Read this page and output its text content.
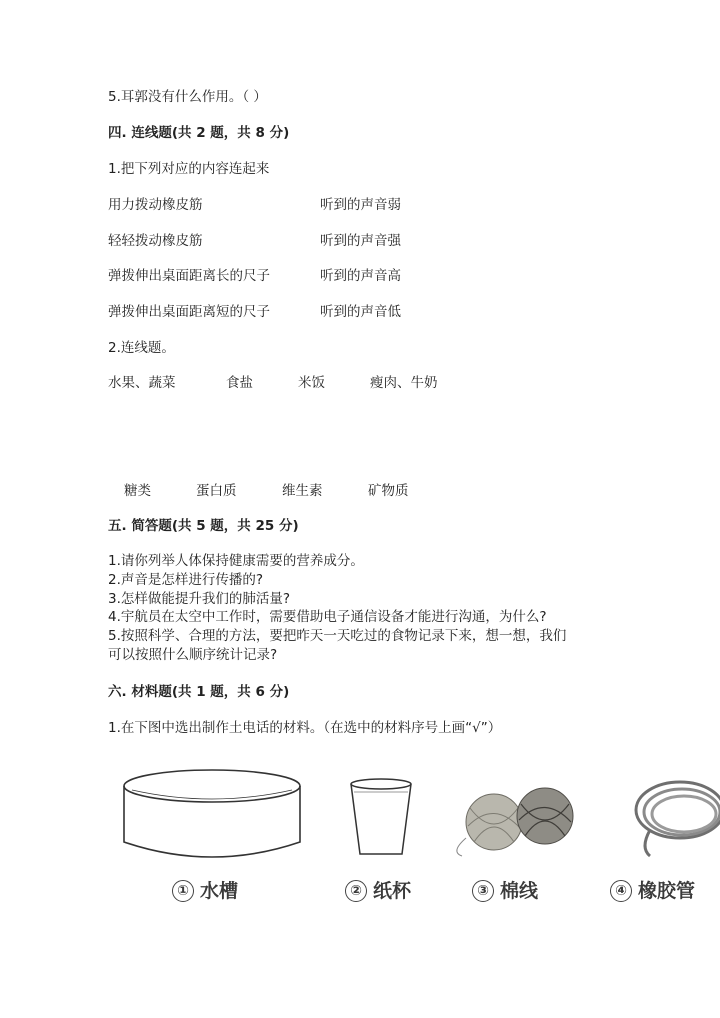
5.耳郭没有什么作用。（ ）
四. 连线题(共 2 题，共 8 分)
1.把下列对应的内容连起来
用力拨动橡皮筋	听到的声音弱
轻轻拨动橡皮筋	听到的声音强
弹拨伸出桌面距离长的尺子	听到的声音高
弹拨伸出桌面距离短的尺子	听到的声音低
2.连线题。
水果、蔬菜	食盐	米饭	瘦肉、牛奶
糖类	蛋白质	维生素	矿物质
五. 简答题(共 5 题，共 25 分)
1.请你列举人体保持健康需要的营养成分。
2.声音是怎样进行传播的?
3.怎样做能提升我们的肺活量?
4.宇航员在太空中工作时，需要借助电子通信设备才能进行沟通，为什么?
5.按照科学、合理的方法，要把昨天一天吃过的食物记录下来，想一想，我们
可以按照什么顺序统计记录?
六. 材料题(共 1 题，共 6 分)
1.在下图中选出制作土电话的材料。（在选中的材料序号上画“√”）
① 水槽	② 纸杯	③ 棉线	④ 橡胶管
